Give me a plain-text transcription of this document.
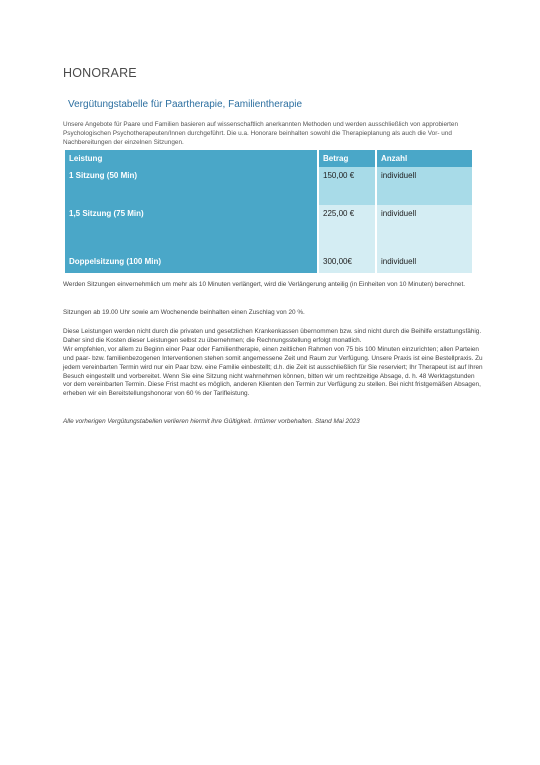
HONORARE
Vergütungstabelle für Paartherapie, Familientherapie
Unsere Angebote für Paare und Familien basieren auf wissenschaftlich anerkannten Methoden und werden ausschließlich von approbierten Psychologischen Psychotherapeuten/Innen durchgeführt. Die u.a. Honorare beinhalten sowohl die Therapieplanung als auch die Vor- und Nachbereitungen der einzelnen Sitzungen.
Leistung	Betrag	Anzahl
1 Sitzung (50 Min)	150,00 €	individuell
1,5 Sitzung (75 Min)	225,00 €	individuell
Doppelsitzung (100 Min)	300,00€	individuell
Werden Sitzungen einvernehmlich um mehr als 10 Minuten verlängert, wird die Verlängerung anteilig (in Einheiten von 10 Minuten) berechnet.
Sitzungen ab 19.00 Uhr sowie am Wochenende beinhalten einen Zuschlag von 20 %.
Diese Leistungen werden nicht durch die privaten und gesetzlichen Krankenkassen übernommen bzw. sind nicht durch die Beihilfe erstattungsfähig. Daher sind die Kosten dieser Leistungen selbst zu übernehmen; die Rechnungsstellung erfolgt monatlich.
Wir empfehlen, vor allem zu Beginn einer Paar oder Familientherapie, einen zeitlichen Rahmen von 75 bis 100 Minuten einzurichten; allen Parteien und paar- bzw. familienbezogenen Interventionen stehen somit angemessene Zeit und Raum zur Verfügung. Unsere Praxis ist eine Bestellpraxis. Zu jedem vereinbarten Termin wird nur ein Paar bzw. eine Familie einbestellt; d.h. die Zeit ist ausschließlich für Sie reserviert; Ihr Therapeut ist auf Ihren Besuch eingestellt und vorbereitet. Wenn Sie eine Sitzung nicht wahrnehmen können, bitten wir um rechtzeitige Absage, d. h. 48 Werktagstunden vor dem vereinbarten Termin. Diese Frist macht es möglich, anderen Klienten den Termin zur Verfügung zu stellen. Bei nicht fristgemäßen Absagen, erheben wir ein Bereitstellungshonorar von 60 % der Tarifleistung.
Alle vorherigen Vergütungstabellen verlieren hiermit ihre Gültigkeit. Irrtümer vorbehalten. Stand Mai 2023
